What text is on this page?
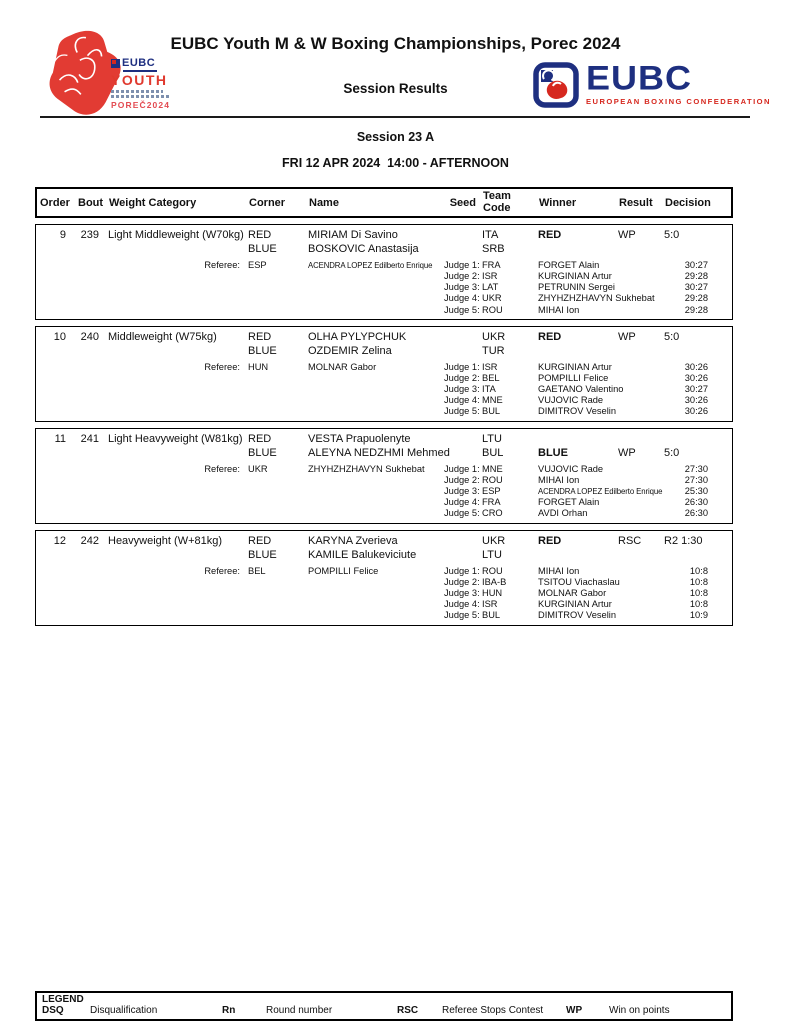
EUBC
YOUTH
POREČ2024
EUBC Youth M & W Boxing Championships, Porec 2024
Session Results	EUBC
EUROPEAN BOXING CONFEDERATION
Session 23 A
FRI 12 APR 2024  14:00 - AFTERNOON
Order Bout Weight Category	Corner	Name	Seed
Team Code	Winner	Result	Decision
9	239 Light Middleweight (W70kg) RED	MIRIAM Di Savino	ITA	RED	WP	5:0
BLUE	BOSKOVIC Anastasija	SRB
Referee: ESP	ACENDRA LOPEZ Edilberto Enrique	Judge 1: FRA	FORGET Alain	30:27
Judge 2: ISR	KURGINIAN Artur	29:28
Judge 3: LAT	PETRUNIN Sergei	30:27
Judge 4: UKR	ZHYHZHZHAVYN Sukhebat	29:28
Judge 5: ROU	MIHAI Ion	29:28
10	240 Middleweight (W75kg)	RED	OLHA PYLYPCHUK	UKR	RED	WP	5:0
BLUE	OZDEMIR Zelina	TUR
Referee: HUN	MOLNAR Gabor	Judge 1: ISR	KURGINIAN Artur	30:26
Judge 2: BEL	POMPILLI Felice	30:26
Judge 3: ITA	GAETANO Valentino	30:27
Judge 4: MNE	VUJOVIC Rade	30:26
Judge 5: BUL	DIMITROV Veselin	30:26
11	241 Light Heavyweight (W81kg) RED	VESTA Prapuolenyte	LTU
BLUE	ALEYNA NEDZHMI Mehmed	BUL	BLUE	WP	5:0
Referee: UKR	ZHYHZHZHAVYN Sukhebat	Judge 1: MNE	VUJOVIC Rade	27:30
Judge 2: ROU	MIHAI Ion	27:30
Judge 3: ESP	ACENDRA LOPEZ Edilberto Enrique	25:30
Judge 4: FRA	FORGET Alain	26:30
Judge 5: CRO	AVDI Orhan	26:30
12	242 Heavyweight (W+81kg)	RED	KARYNA Zverieva	UKR	RED	RSC	R2 1:30
BLUE	KAMILE Balukeviciute	LTU
Referee: BEL	POMPILLI Felice	Judge 1: ROU	MIHAI Ion	10:8
Judge 2: IBA-B	TSITOU Viachaslau	10:8
Judge 3: HUN	MOLNAR Gabor	10:8
Judge 4: ISR	KURGINIAN Artur	10:8
Judge 5: BUL	DIMITROV Veselin	10:9
LEGEND
DSQ	Disqualification	Rn	Round number	RSC	Referee Stops Contest	WP	Win on points
